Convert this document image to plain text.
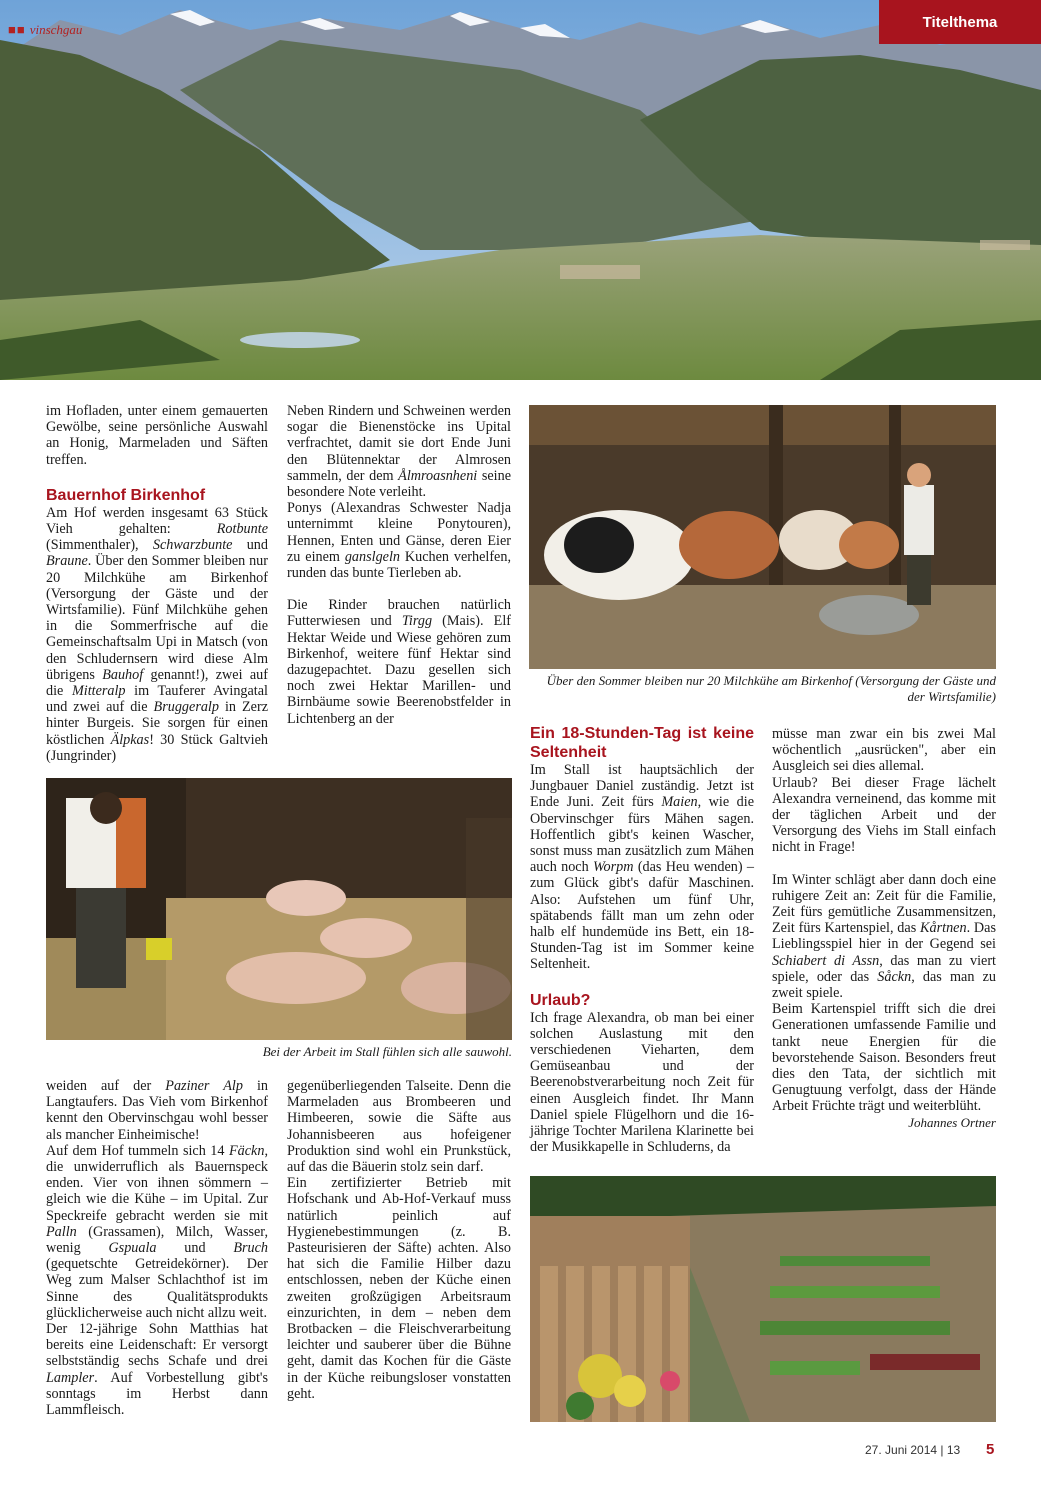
■■ vinschgau	Titelthema

im Hofladen, unter einem gemauerten Gewölbe, seine persönliche Auswahl an Honig, Marmeladen und Säften treffen.

Bauernhof Birkenhof

Am Hof werden insgesamt 63 Stück Vieh gehalten: Rotbunte (Simmenthaler), Schwarzbunte und Braune. Über den Sommer bleiben nur 20 Milchkühe am Birkenhof (Versorgung der Gäste und der Wirtsfamilie). Fünf Milchkühe gehen in die Sommerfrische auf die Gemeinschaftsalm Upi in Matsch (von den Schludernsern wird diese Alm übrigens Bauhof genannt!), zwei auf die Mitteralp im Tauferer Avingatal und zwei auf die Bruggeralp in Zerz hinter Burgeis. Sie sorgen für einen köstlichen Älpkas! 30 Stück Galtvieh (Jungrinder)

Neben Rindern und Schweinen werden sogar die Bienenstöcke ins Upital verfrachtet, damit sie dort Ende Juni den Blütennektar der Almrosen sammeln, der dem Ålmroasnheni seine besondere Note verleiht.

Ponys (Alexandras Schwester Nadja unternimmt kleine Ponytouren), Hennen, Enten und Gänse, deren Eier zu einem ganslgeln Kuchen verhelfen, runden das bunte Tierleben ab.

Die Rinder brauchen natürlich Futterwiesen und Tirgg (Mais). Elf Hektar Weide und Wiese gehören zum Birkenhof, weitere fünf Hektar sind dazugepachtet. Dazu gesellen sich noch zwei Hektar Marillen- und Birnbäume sowie Beerenobstfelder in Lichtenberg an der

Über den Sommer bleiben nur 20 Milchkühe am Birkenhof (Versorgung der Gäste und der Wirtsfamilie)
Bei der Arbeit im Stall fühlen sich alle sauwohl.
Ein 18-Stunden-Tag ist keine Seltenheit

Im Stall ist hauptsächlich der Jungbauer Daniel zuständig. Jetzt ist Ende Juni. Zeit fürs Maien, wie die Obervinschger fürs Mähen sagen. Hoffentlich gibt's keinen Wascher, sonst muss man zusätzlich zum Mähen auch noch Worpm (das Heu wenden) – zum Glück gibt's dafür Maschinen. Also: Aufstehen um fünf Uhr, spätabends fällt man um zehn oder halb elf hundemüde ins Bett, ein 18-Stunden-Tag ist im Sommer keine Seltenheit.

Urlaub?

Ich frage Alexandra, ob man bei einer solchen Auslastung mit den verschiedenen Vieharten, dem Gemüseanbau und der Beerenobstverarbeitung noch Zeit für einen Ausgleich findet. Ihr Mann Daniel spiele Flügelhorn und die 16-jährige Tochter Marilena Klarinette bei der Musikkapelle in Schluderns, da

müsse man zwar ein bis zwei Mal wöchentlich „ausrücken", aber ein Ausgleich sei dies allemal.

Urlaub? Bei dieser Frage lächelt Alexandra verneinend, das komme mit der täglichen Arbeit und der Versorgung des Viehs im Stall einfach nicht in Frage!

Im Winter schlägt aber dann doch eine ruhigere Zeit an: Zeit für die Familie, Zeit fürs gemütliche Zusammensitzen, Zeit fürs Kartenspiel, das Kårtnen. Das Lieblingsspiel hier in der Gegend sei Schiabert di Assn, das man zu viert spiele, oder das Såckn, das man zu zweit spiele.

Beim Kartenspiel trifft sich die drei Generationen umfassende Familie und tankt neue Energien für die bevorstehende Saison. Besonders freut dies den Tata, der sichtlich mit Genugtuung verfolgt, dass der Hände Arbeit Früchte trägt und weiterblüht.

Johannes Ortner

weiden auf der Paziner Alp in Langtaufers. Das Vieh vom Birkenhof kennt den Obervinschgau wohl besser als mancher Einheimische!

Auf dem Hof tummeln sich 14 Fäckn, die unwiderruflich als Bauernspeck enden. Vier von ihnen sömmern – gleich wie die Kühe – im Upital. Zur Speckreife gebracht werden sie mit Palln (Grassamen), Milch, Wasser, wenig Gspuala und Bruch (gequetschte Getreidekörner). Der Weg zum Malser Schlachthof ist im Sinne des Qualitätsprodukts glücklicherweise auch nicht allzu weit.

Der 12-jährige Sohn Matthias hat bereits eine Leidenschaft: Er versorgt selbstständig sechs Schafe und drei Lampler. Auf Vorbestellung gibt's sonntags im Herbst dann Lammfleisch.

gegenüberliegenden Talseite. Denn die Marmeladen aus Brombeeren und Himbeeren, sowie die Säfte aus Johannisbeeren aus hofeigener Produktion sind wohl ein Prunkstück, auf das die Bäuerin stolz sein darf.

Ein zertifizierter Betrieb mit Hofschank und Ab-Hof-Verkauf muss natürlich peinlich auf Hygienebestimmungen (z. B. Pasteurisieren der Säfte) achten. Also hat sich die Familie Hilber dazu entschlossen, neben der Küche einen zweiten großzügigen Arbeitsraum einzurichten, in dem – neben dem Brotbacken – die Fleischverarbeitung leichter und sauberer über die Bühne geht, damit das Kochen für die Gäste in der Küche reibungsloser vonstatten geht.

27. Juni 2014 | 13 5
